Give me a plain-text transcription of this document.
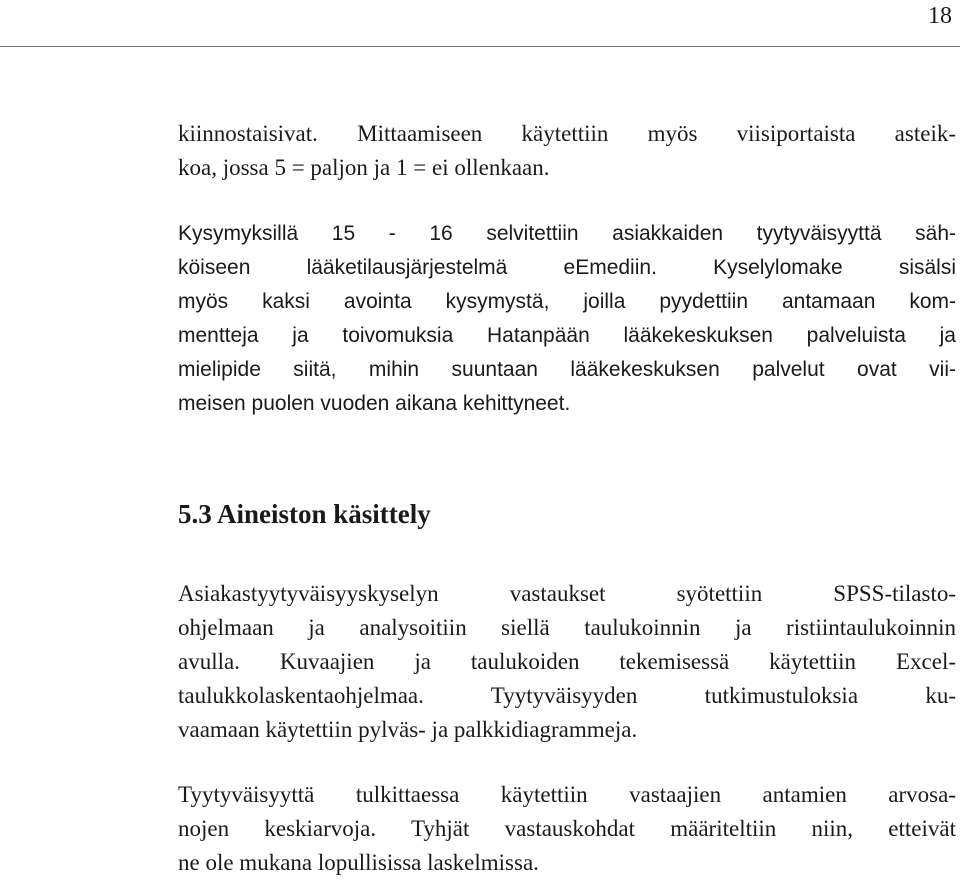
18
kiinnostaisivat. Mittaamiseen käytettiin myös viisiportaista asteik-
koa, jossa 5 = paljon ja 1 = ei ollenkaan.
Kysymyksillä 15 - 16 selvitettiin asiakkaiden tyytyväisyyttä säh-
köiseen lääketilausjärjestelmä eEmediin. Kyselylomake sisälsi
myös kaksi avointa kysymystä, joilla pyydettiin antamaan kom-
mentteja ja toivomuksia Hatanpään lääkekeskuksen palveluista ja
mielipide siitä, mihin suuntaan lääkekeskuksen palvelut ovat vii-
meisen puolen vuoden aikana kehittyneet.
5.3 Aineiston käsittely
Asiakastyytyväisyyskyselyn vastaukset syötettiin SPSS-tilasto-
ohjelmaan ja analysoitiin siellä taulukoinnin ja ristiintaulukoinnin
avulla. Kuvaajien ja taulukoiden tekemisessä käytettiin Excel-
taulukkolaskentaohjelmaa. Tyytyväisyyden tutkimustuloksia ku-
vaamaan käytettiin pylväs- ja palkkidiagrammeja.
Tyytyväisyyttä tulkittaessa käytettiin vastaajien antamien arvosa-
nojen keskiarvoja. Tyhjät vastauskohdat määriteltiin niin, etteivät
ne ole mukana lopullisissa laskelmissa.
